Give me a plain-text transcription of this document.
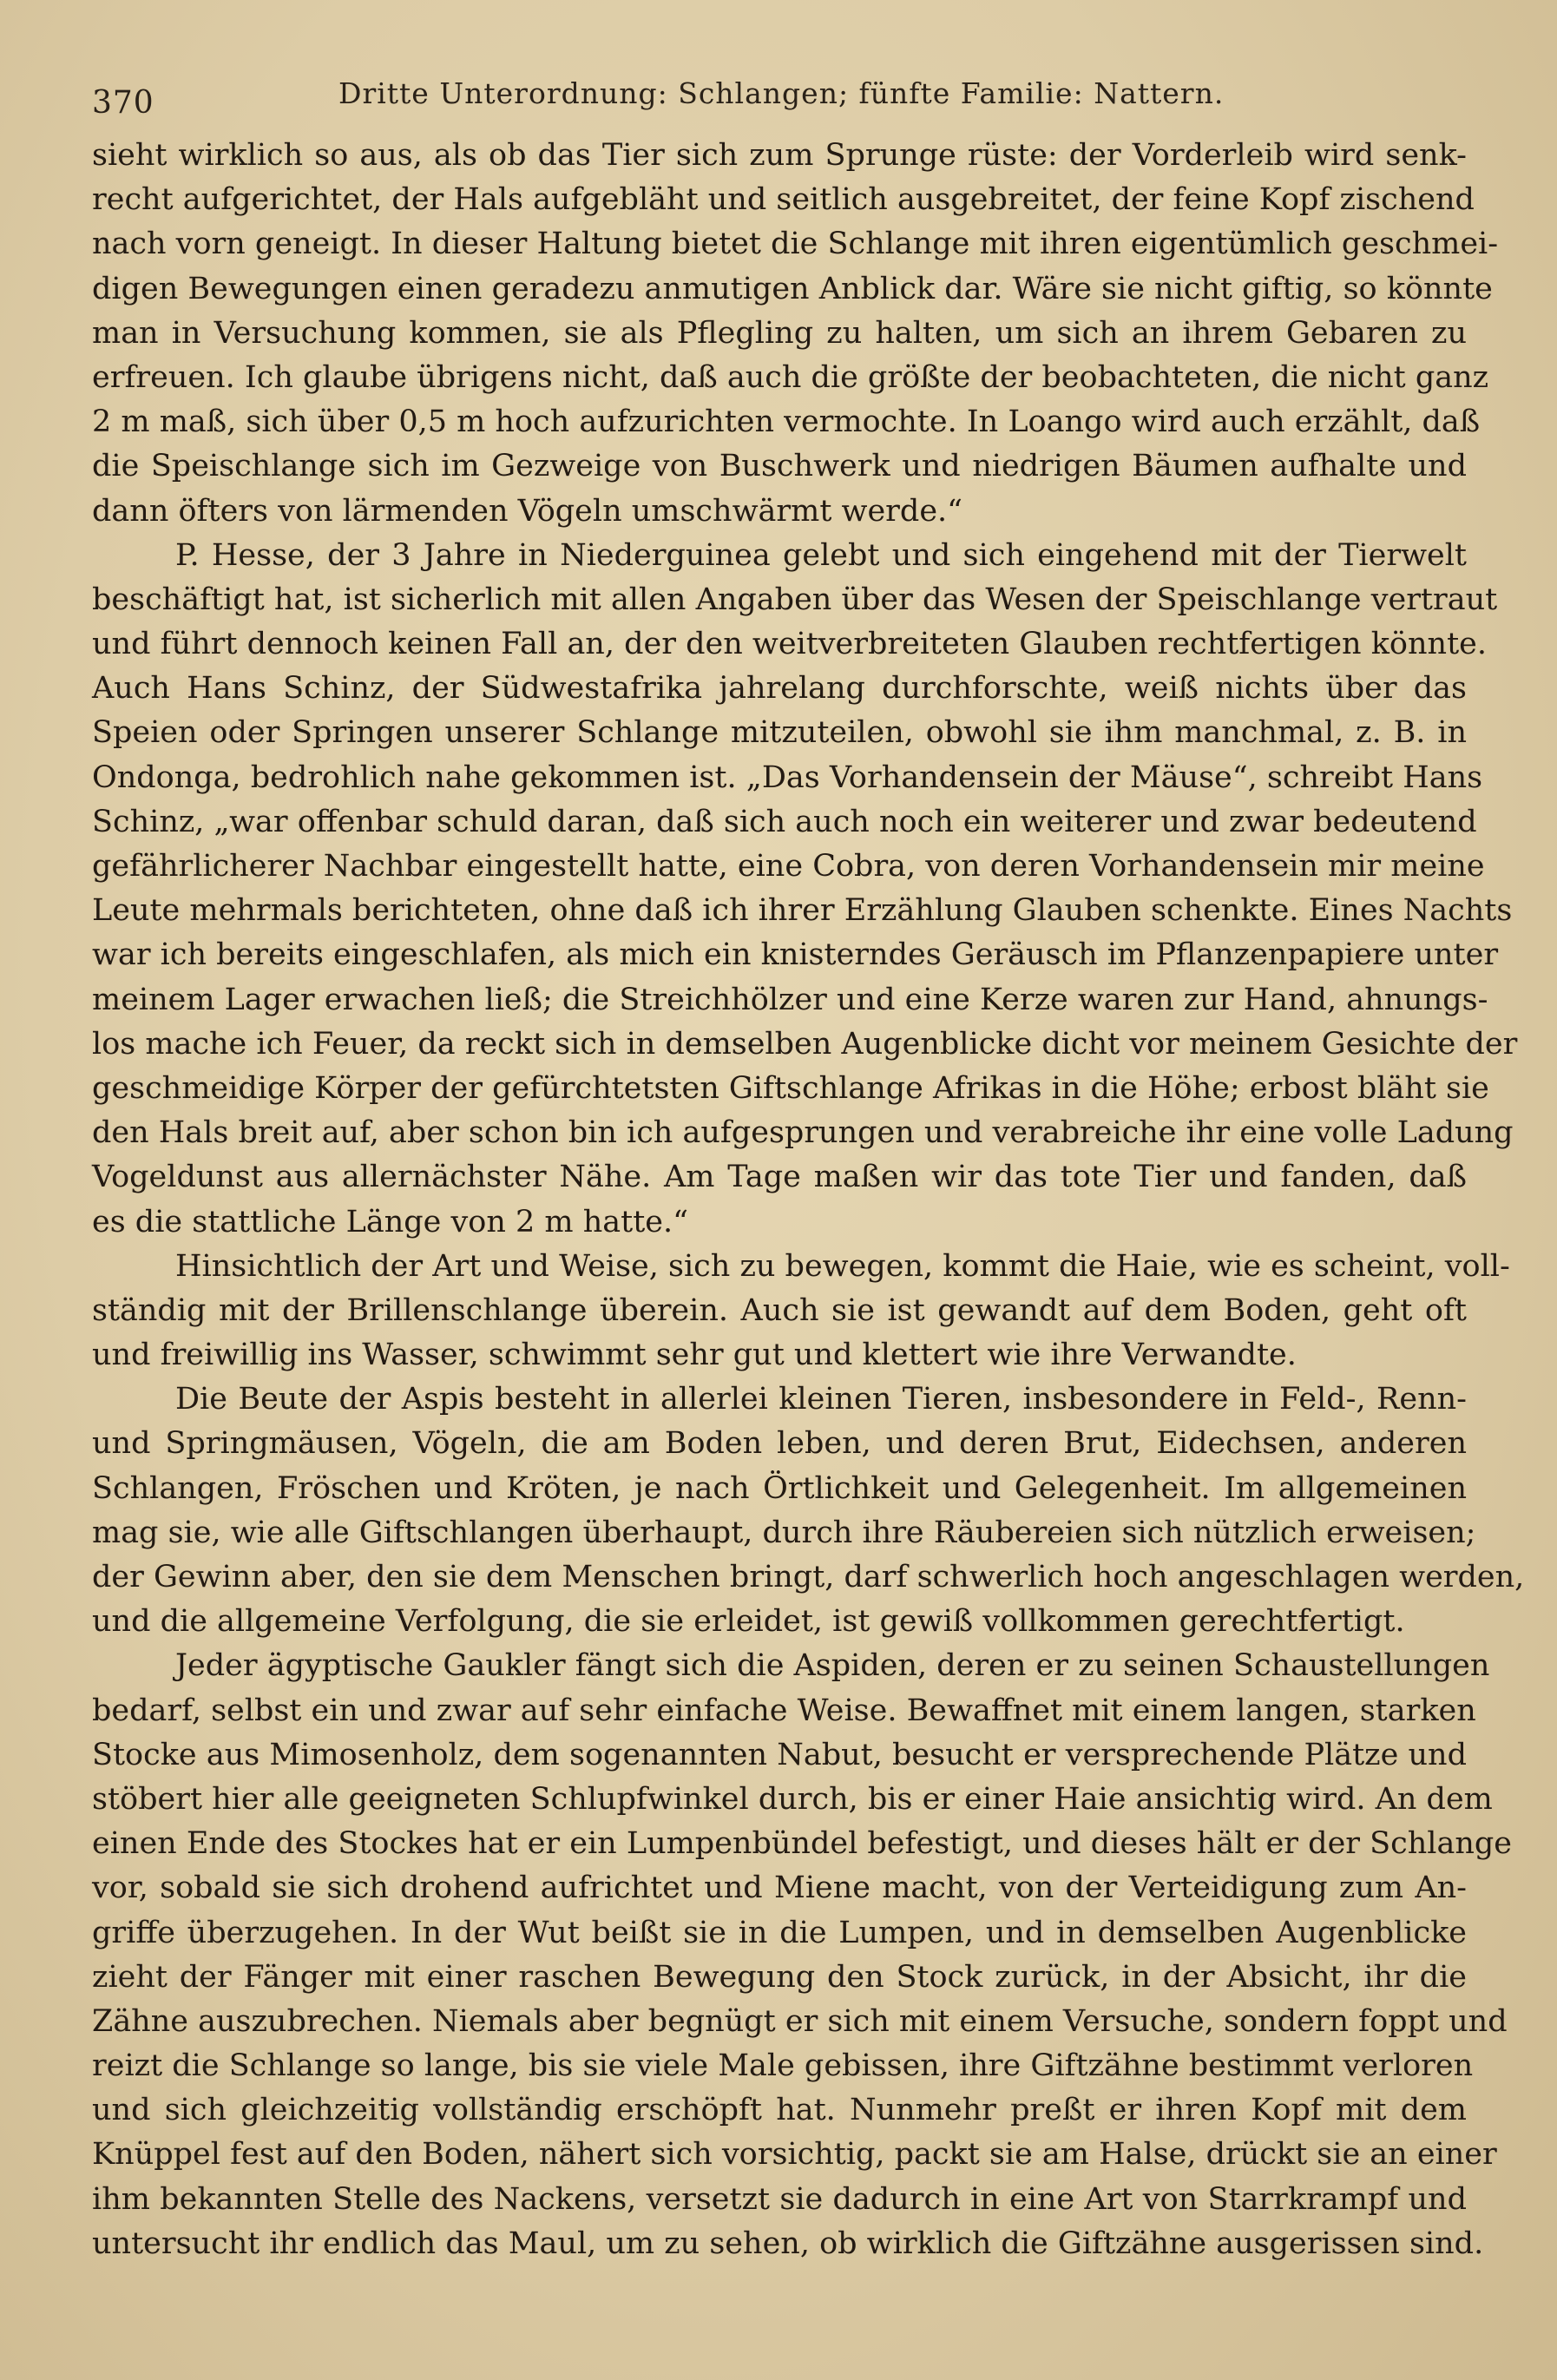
370	Dritte Unterordnung: Schlangen; fünfte Familie: Nattern.
sieht wirklich so aus, als ob das Tier sich zum Sprunge rüste: der Vorderleib wird senk-
recht aufgerichtet, der Hals aufgebläht und seitlich ausgebreitet, der feine Kopf zischend
nach vorn geneigt. In dieser Haltung bietet die Schlange mit ihren eigentümlich geschmei-
digen Bewegungen einen geradezu anmutigen Anblick dar. Wäre sie nicht giftig, so könnte
man in Versuchung kommen, sie als Pflegling zu halten, um sich an ihrem Gebaren zu
erfreuen. Ich glaube übrigens nicht, daß auch die größte der beobachteten, die nicht ganz
2 m maß, sich über 0,5 m hoch aufzurichten vermochte. In Loango wird auch erzählt, daß
die Speischlange sich im Gezweige von Buschwerk und niedrigen Bäumen aufhalte und
dann öfters von lärmenden Vögeln umschwärmt werde.“
P. Hesse, der 3 Jahre in Niederguinea gelebt und sich eingehend mit der Tierwelt
beschäftigt hat, ist sicherlich mit allen Angaben über das Wesen der Speischlange vertraut
und führt dennoch keinen Fall an, der den weitverbreiteten Glauben rechtfertigen könnte.
Auch Hans Schinz, der Südwestafrika jahrelang durchforschte, weiß nichts über das
Speien oder Springen unserer Schlange mitzuteilen, obwohl sie ihm manchmal, z. B. in
Ondonga, bedrohlich nahe gekommen ist. „Das Vorhandensein der Mäuse“, schreibt Hans
Schinz, „war offenbar schuld daran, daß sich auch noch ein weiterer und zwar bedeutend
gefährlicherer Nachbar eingestellt hatte, eine Cobra, von deren Vorhandensein mir meine
Leute mehrmals berichteten, ohne daß ich ihrer Erzählung Glauben schenkte. Eines Nachts
war ich bereits eingeschlafen, als mich ein knisterndes Geräusch im Pflanzenpapiere unter
meinem Lager erwachen ließ; die Streichhölzer und eine Kerze waren zur Hand, ahnungs-
los mache ich Feuer, da reckt sich in demselben Augenblicke dicht vor meinem Gesichte der
geschmeidige Körper der gefürchtetsten Giftschlange Afrikas in die Höhe; erbost bläht sie
den Hals breit auf, aber schon bin ich aufgesprungen und verabreiche ihr eine volle Ladung
Vogeldunst aus allernächster Nähe. Am Tage maßen wir das tote Tier und fanden, daß
es die stattliche Länge von 2 m hatte.“
Hinsichtlich der Art und Weise, sich zu bewegen, kommt die Haie, wie es scheint, voll-
ständig mit der Brillenschlange überein. Auch sie ist gewandt auf dem Boden, geht oft
und freiwillig ins Wasser, schwimmt sehr gut und klettert wie ihre Verwandte.
Die Beute der Aspis besteht in allerlei kleinen Tieren, insbesondere in Feld-, Renn-
und Springmäusen, Vögeln, die am Boden leben, und deren Brut, Eidechsen, anderen
Schlangen, Fröschen und Kröten, je nach Örtlichkeit und Gelegenheit. Im allgemeinen
mag sie, wie alle Giftschlangen überhaupt, durch ihre Räubereien sich nützlich erweisen;
der Gewinn aber, den sie dem Menschen bringt, darf schwerlich hoch angeschlagen werden,
und die allgemeine Verfolgung, die sie erleidet, ist gewiß vollkommen gerechtfertigt.
Jeder ägyptische Gaukler fängt sich die Aspiden, deren er zu seinen Schaustellungen
bedarf, selbst ein und zwar auf sehr einfache Weise. Bewaffnet mit einem langen, starken
Stocke aus Mimosenholz, dem sogenannten Nabut, besucht er versprechende Plätze und
stöbert hier alle geeigneten Schlupfwinkel durch, bis er einer Haie ansichtig wird. An dem
einen Ende des Stockes hat er ein Lumpenbündel befestigt, und dieses hält er der Schlange
vor, sobald sie sich drohend aufrichtet und Miene macht, von der Verteidigung zum An-
griffe überzugehen. In der Wut beißt sie in die Lumpen, und in demselben Augenblicke
zieht der Fänger mit einer raschen Bewegung den Stock zurück, in der Absicht, ihr die
Zähne auszubrechen. Niemals aber begnügt er sich mit einem Versuche, sondern foppt und
reizt die Schlange so lange, bis sie viele Male gebissen, ihre Giftzähne bestimmt verloren
und sich gleichzeitig vollständig erschöpft hat. Nunmehr preßt er ihren Kopf mit dem
Knüppel fest auf den Boden, nähert sich vorsichtig, packt sie am Halse, drückt sie an einer
ihm bekannten Stelle des Nackens, versetzt sie dadurch in eine Art von Starrkrampf und
untersucht ihr endlich das Maul, um zu sehen, ob wirklich die Giftzähne ausgerissen sind.
